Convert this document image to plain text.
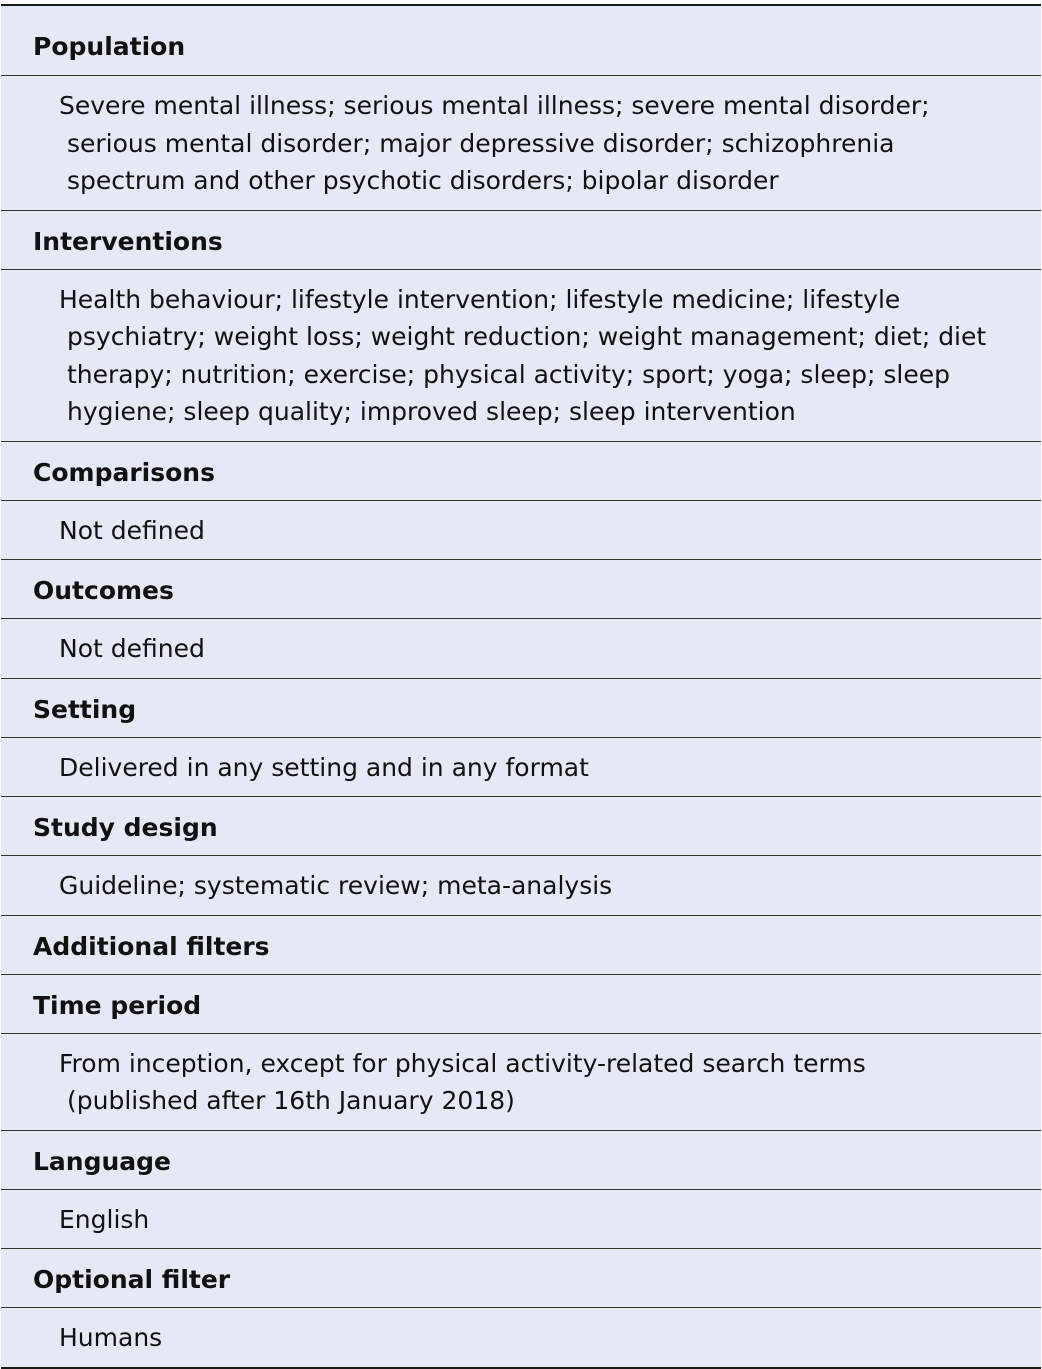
Population
Severe mental illness; serious mental illness; severe mental disorder;
serious mental disorder; major depressive disorder; schizophrenia
spectrum and other psychotic disorders; bipolar disorder
Interventions
Health behaviour; lifestyle intervention; lifestyle medicine; lifestyle
psychiatry; weight loss; weight reduction; weight management; diet; diet
therapy; nutrition; exercise; physical activity; sport; yoga; sleep; sleep
hygiene; sleep quality; improved sleep; sleep intervention
Comparisons
Not defined
Outcomes
Not defined
Setting
Delivered in any setting and in any format
Study design
Guideline; systematic review; meta-analysis
Additional filters
Time period
From inception, except for physical activity-related search terms
(published after 16th January 2018)
Language
English
Optional filter
Humans
